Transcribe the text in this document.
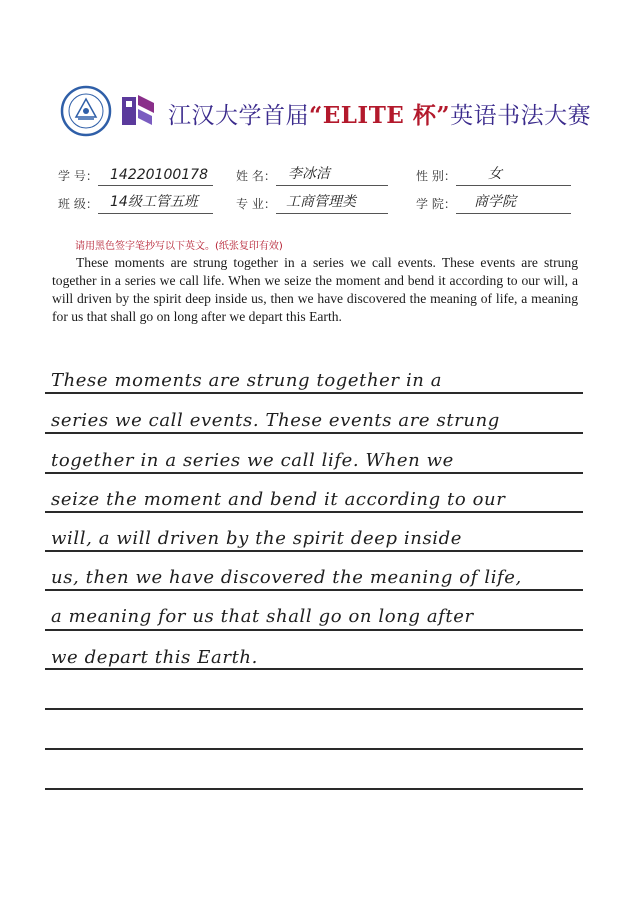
江汉大学首届“ELITE 杯”英语书法大赛
学 号： 14220100178 姓 名： 李冰洁	性 别： 女
班 级： 14级工管五班	专 业： 工商管理类	学 院： 商学院
请用黑色签字笔抄写以下英文。(纸张复印有效)
These moments are strung together in a series we call events. These events are strung together in a series we call life. When we seize the moment and bend it according to our will, a will driven by the spirit deep inside us, then we have discovered the meaning of life, a meaning for us that shall go on long after we depart this Earth.
These moments are strung together in a
series we call events. These events are strung
together in a series we call life. When we
seize the moment and bend it according to our
will, a will driven by the spirit deep inside
us, then we have discovered the meaning of life,
a meaning for us that shall go on long after
we depart this Earth.
